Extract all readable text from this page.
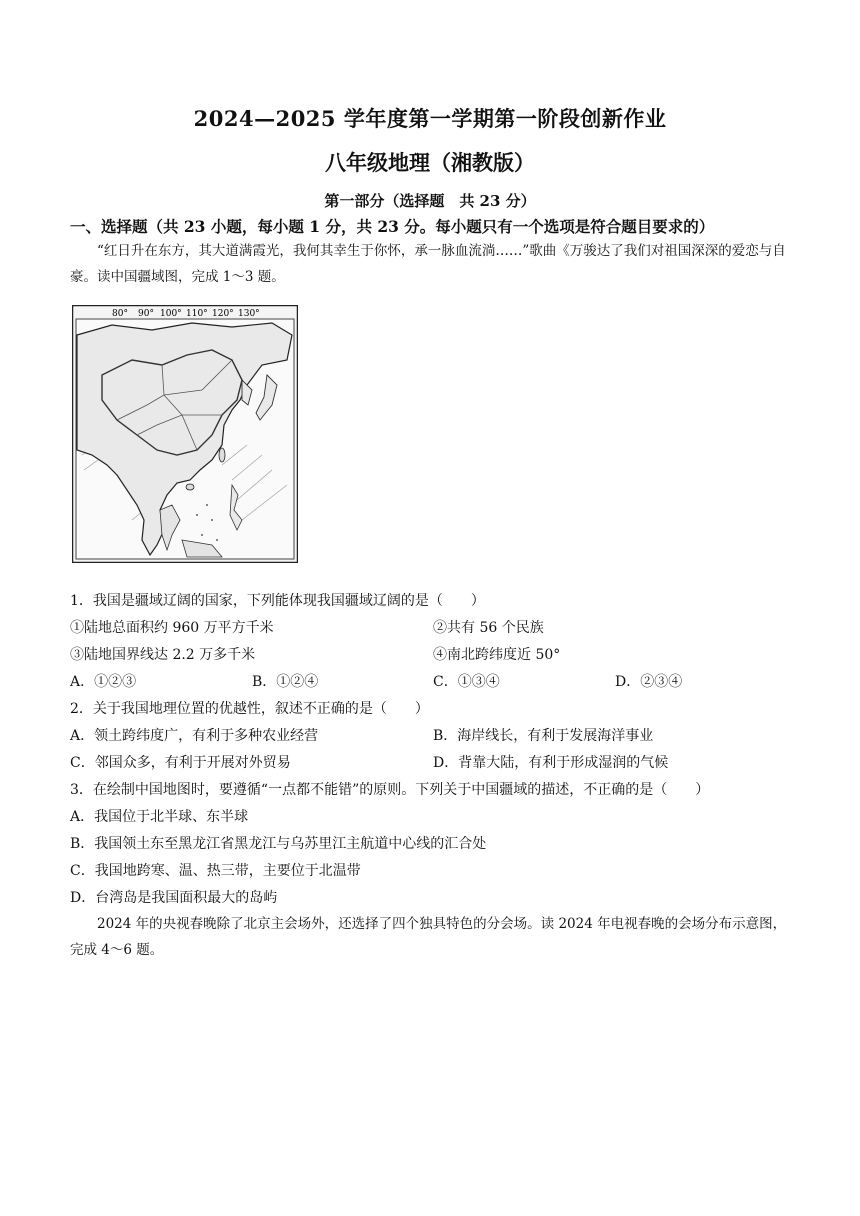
2024—2025 学年度第一学期第一阶段创新作业
八年级地理（湘教版）
第一部分（选择题　共 23 分）
一、选择题（共 23 小题，每小题 1 分，共 23 分。每小题只有一个选项是符合题目要求的）
“红日升在东方，其大道满霞光，我何其幸生于你怀，承一脉血流淌……”歌曲《万骏达了我们对祖国深深的爱恋与自豪。读中国疆域图，完成 1～3 题。
80° 90° 100° 110° 120° 130°
1．我国是疆域辽阔的国家，下列能体现我国疆域辽阔的是（　　）
①陆地总面积约 960 万平方千米	②共有 56 个民族
③陆地国界线达 2.2 万多千米	④南北跨纬度近 50°
A．①②③	B．①②④	C．①③④	D．②③④
2．关于我国地理位置的优越性，叙述不正确的是（　　）
A．领土跨纬度广，有利于多种农业经营	B．海岸线长，有利于发展海洋事业
C．邻国众多，有利于开展对外贸易	D．背靠大陆，有利于形成湿润的气候
3．在绘制中国地图时，要遵循“一点都不能错”的原则。下列关于中国疆域的描述，不正确的是（　　）
A．我国位于北半球、东半球
B．我国领土东至黑龙江省黑龙江与乌苏里江主航道中心线的汇合处
C．我国地跨寒、温、热三带，主要位于北温带
D．台湾岛是我国面积最大的岛屿
2024 年的央视春晚除了北京主会场外，还选择了四个独具特色的分会场。读 2024 年电视春晚的会场分布示意图，完成 4～6 题。
